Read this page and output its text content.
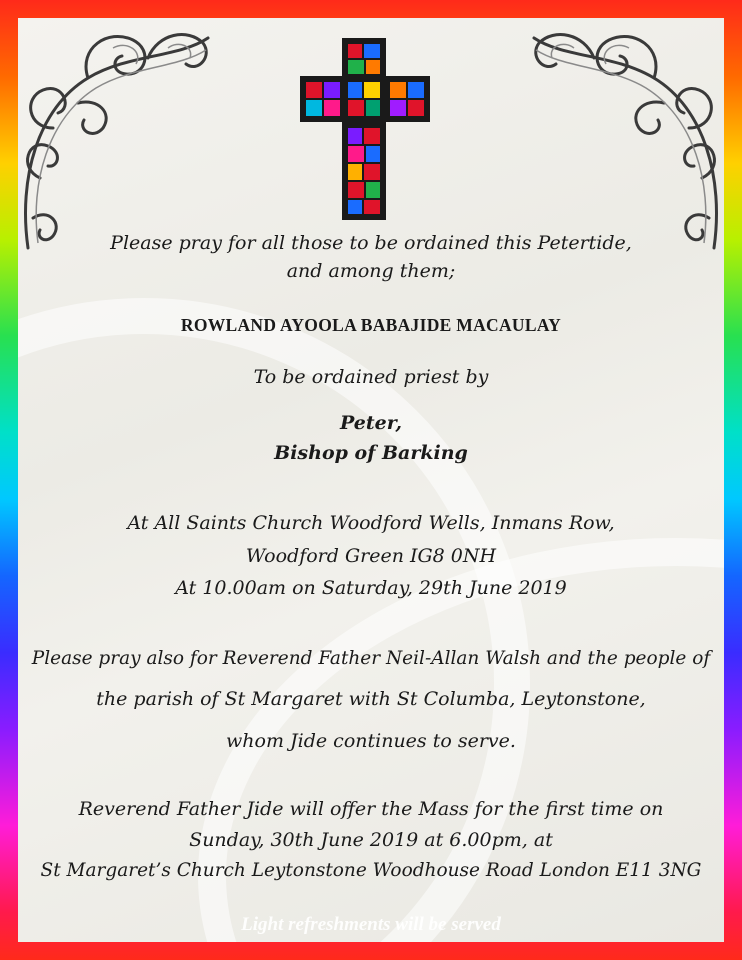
Please pray for all those to be ordained this Petertide,
and among them;
ROWLAND AYOOLA BABAJIDE MACAULAY
To be ordained priest by
Peter,
Bishop of Barking
At All Saints Church Woodford Wells, Inmans Row,
Woodford Green IG8 0NH
At 10.00am on Saturday, 29th June 2019
Please pray also for Reverend Father Neil-Allan Walsh and the people of
the parish of St Margaret with St Columba, Leytonstone,
whom Jide continues to serve.
Reverend Father Jide will offer the Mass for the first time on
Sunday, 30th June 2019 at 6.00pm, at
St Margaret’s Church Leytonstone Woodhouse Road London E11 3NG
Light refreshments will be served
